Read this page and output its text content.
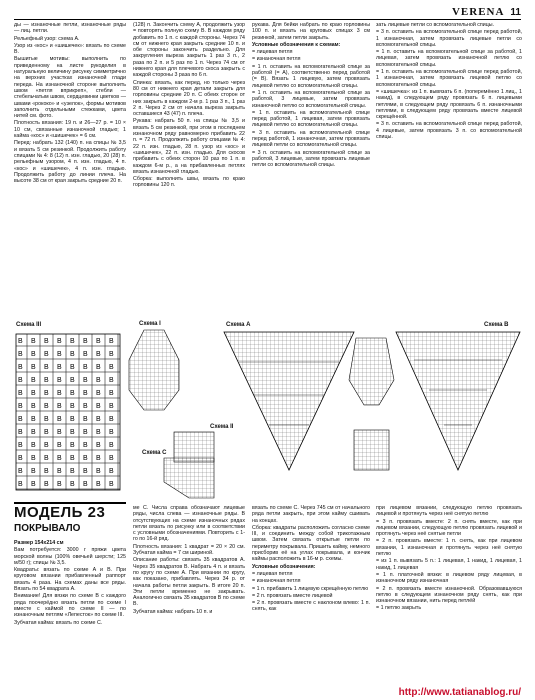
VERENA 11

ды — изнаночные петли, изнаночные ряды — лиц. петли.

Рельефный узор: схема A.

Узор из «кос» и «шишечек»: вязать по схеме B.

Вышитые мотивы: выполнить по приведенному на листе рукоделия в натуральную величину рисунку симметрично на верхних участках изнаночной глади переда. На изнаночной стороне выполнить швом «петля вприкреп», стебли — стебельчатым швом, сердцевинки цветков — швами «рококо» и «узелок», формы мотивов заполнить отдельными стежками, цвета нитей см. фото.

Плотность вязания: 19 п. и 26—27 р. = 10 × 10 см, связанные изнаночной гладью; 1 кайма «кос» и «шишечек» = 6 см.

Перед: набрать 132 (140) п. на спицы № 3,5 и вязать 5 см резинкой. Продолжить работу спицами № 4: 8 (12) п. изн. гладью, 20 (28) п. рельефным узором, 4 п. изн. гладью, 4 п. «кос» и «шишечек», 4 п. изн. гладью. Продолжить работу до линии плеча. На высоте 38 см от края закрыть средние 20 п.

(128) п. Закончить схему A, продолжить узор = повторять полную схему B. В каждом ряду добавить по 1 п. с каждой стороны. Через 74 см от нижнего края закрыть средние 10 п. и обе стороны закончить раздельно. Для закругления выреза закрыть 1 раз 3 п., 2 раза по 2 п. и 5 раз по 1 п. Через 74 см от нижнего края для плечевого скоса закрыть с каждой стороны 3 раза по 6 п.

Спинка: вязать, как перед, но только через 80 см от нижнего края детали закрыть для горловины средние 20 п. С обеих сторон от них закрыть в каждом 2-м р. 1 раз 3 п., 1 раз 2 п. Через 2 см от начала выреза закрыть оставшиеся 43 (47) п. плеча.

Рукава: набрать 50 п. на спицы № 3,5 и вязать 5 см резинкой, при этом в последнем изнаночном ряду равномерно прибавить 22 п. = 72 п. Продолжить работу спицами № 4: 22 п. изн. гладью, 28 п. узор из «кос» и «шишечек», 22 п. изн. гладью. Для скосов прибавить с обеих сторон 10 раз по 1 п. в каждом 6-м р., а на прибавленных петлях вязать изнаночной гладью.

Сборка: выполнить швы, вязать по краю горловины 120 п.

рукава. Для бейки набрать по краю горловины 100 п. и вязать на круговых спицах 3 см резинкой, затем петли закрыть.

Условные обозначения к схемам:

= лицевая петля

= изнаночная петля

= 1 п. оставить на вспомогательной спице за работой (= A), соответственно перед работой (= B). Вязать 1 лицевую, затем провязать лицевой петлю со вспомогательной спицы.

= 1 п. оставить на вспомогательной спице за работой, 3 лицевые, затем провязать изнаночной петлю со вспомогательной спицы.

= 1 п. оставить на вспомогательной спице перед работой, 1 лицевая, затем провязать лицевой петлю со вспомогательной спицы.

= 3 п. оставить на вспомогательной спице перед работой, 1 изнаночная, затем провязать лицевой петли со вспомогательной спицы.

= 3 п. оставить на вспомогательной спице за работой, 3 лицевые, затем провязать лицевые петли со вспомогательной спицы.

зать лицевые петли со вспомогательной спицы.

= 3 п. оставить на вспомогательной спице перед работой, 1 изнаночная, затем провязать лицевые петли со вспомогательной спицы.

= 1 п. оставить на вспомогательной спице за работой, 1 лицевая, затем провязать изнаночной петлю со вспомогательной спицы.

= 1 п. оставить на вспомогательной спице перед работой, 1 изнаночная, затем провязать лицевой петлю со вспомогательной спицы.

= «шишечка»: из 1 п. вывязать 6 п. (поперемённо 1 лиц., 1 накид), в следующем ряду провязать 6 п. лицевыми петлями, в следующем ряду провязать 6 п. изнаночными петлями, в следующем ряду провязать вместе лицевой скрещённой.

= 3 п. оставить на вспомогательной спице перед работой, 4 лицевые, затем провязать 3 п. со вспомогательной спицы.

Схема III	Схема I
Схема II
Схема A	Схема B
Схема C
МОДЕЛЬ 23
ПОКРЫВАЛО

Размер 154x214 см

Вам потребуется: 3000 г пряжи цвета морской волны (100% овечьей шерсти; 125 м/50 г); спицы № 3,5.

Квадраты: вязать по схеме A и B. При круговом вязании прибавленный раппорт вязать 4 раза. На схемах даны все ряды. Вязать по 54 квадрата A.

Внимание! Для вязки по схеме B с каждого ряда поочерёдно вязать петли по схеме I вместе с каймой по схеме II — по изнаночным петлям «Лепесток» по схеме III.

Зубчатая кайма: вязать по схеме C.

ме C. Числа справа обозначают лицевые ряды, числа слева — изнаночные ряды. В отсутствующих на схеме изнаночных рядах петли вязать по рисунку или в соответствии с условными обозначениями. Повторить с 1-го по 16-й ряд.

Плотность вязания: 1 квадрат = 20 × 20 см. Зубчатая кайма = 7 см шириной.

Описание работы: связать 35 квадратов A. Через 35 квадратов B. Набрать 4 п. и вязать по кругу по схеме A. При вязании по кругу, как показано, прибавлять. Через 34 р. от начала работы петли закрыть. В итоге 20 п. Эти петли временно не закрывать. Аналогично связать 35 квадратов B по схеме B.

Зубчатая кайма: набрать 10 п. и

вязать по схеме C. Через 745 см от начального ряда петли закрыть, при этом кайму сшивать на концах.

Сборка: квадраты расположить согласно схеме III, и соединить между собой трикотажным швом. Затем связать открытые петли по периметру покрывала. Пришить кайму, немного присборив её на углах покрывала, и кончик каймы расположить в 16-м р. схемы.

Условные обозначения:

= лицевая петля

= изнаночная петля

= 1 п. прибавить 1 лицевую скрещённую петлю

= 2 п. провязать вместе лицевой

= 2 п. провязать вместе с наклоном влево: 1 п. снять, как

при лицевом вязании, следующую петлю провязать лицевой и протянуть через неё снятую петлю

= 3 п. провязать вместе: 2 п. снять вместе, как при лицевом вязании, следующую петлю провязать лицевой и протянуть через неё снятые петли

= 2 п. провязать вместе: 1 п. снять, как при лицевом вязании, 1 изнаночная и протянуть через неё снятую петлю

= из 1 п. вывязать 5 п.: 1 лицевая, 1 накид, 1 лицевая, 1 накид, 1 лицевая

= 1 п. платочной вязки: в лицевом ряду лицевая, в изнаночном ряду изнаночная

= 2 п. провязать вместе изнаночной. Образовавшуюся петлю в следующем изнаночном ряду снять, как при изнаночном вязании, нить перед петлёй

= 1 петлю закрыть

http://www.tatianablog.ru/
